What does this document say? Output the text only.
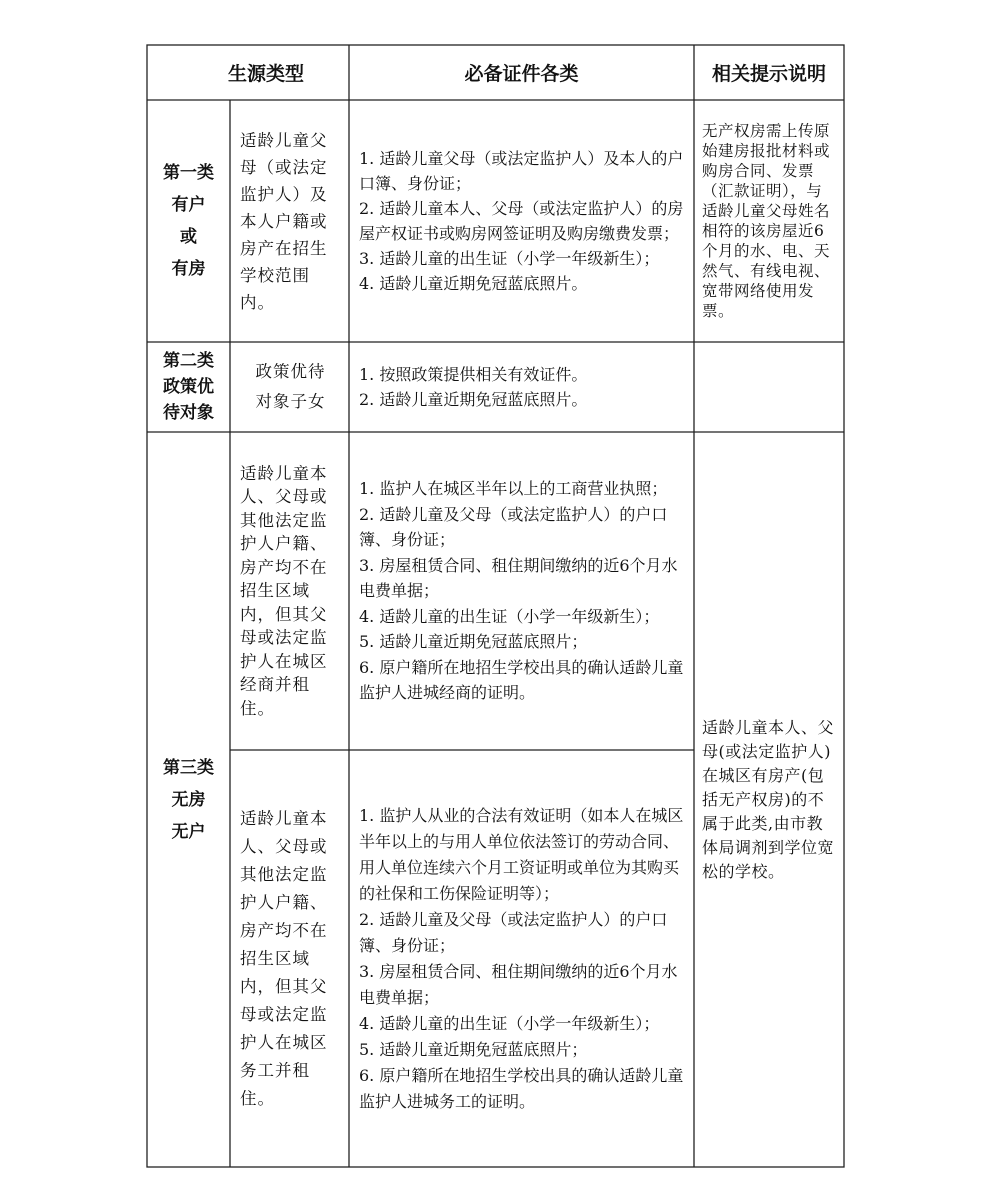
生源类型	必备证件各类	相关提示说明
第一类
有户
或
有房
适龄儿童父母（或法定监护人）及本人户籍或房产在招生学校范围内。
1. 适龄儿童父母（或法定监护人）及本人的户口簿、身份证；
2. 适龄儿童本人、父母（或法定监护人）的房屋产权证书或购房网签证明及购房缴费发票；
3. 适龄儿童的出生证（小学一年级新生）；
4. 适龄儿童近期免冠蓝底照片。
无产权房需上传原始建房报批材料或购房合同、发票（汇款证明），与适龄儿童父母姓名相符的该房屋近6个月的水、电、天然气、有线电视、宽带网络使用发票。
第二类
政策优
待对象
政策优待
对象子女
1. 按照政策提供相关有效证件。
2. 适龄儿童近期免冠蓝底照片。
第三类
无房
无户
适龄儿童本人、父母或其他法定监护人户籍、房产均不在招生区域内，但其父母或法定监护人在城区经商并租住。
1. 监护人在城区半年以上的工商营业执照；
2. 适龄儿童及父母（或法定监护人）的户口簿、身份证；
3. 房屋租赁合同、租住期间缴纳的近6个月水电费单据；
4. 适龄儿童的出生证（小学一年级新生）；
5. 适龄儿童近期免冠蓝底照片；
6. 原户籍所在地招生学校出具的确认适龄儿童监护人进城经商的证明。
适龄儿童本人、父母或其他法定监护人户籍、房产均不在招生区域内，但其父母或法定监护人在城区务工并租住。
1. 监护人从业的合法有效证明（如本人在城区半年以上的与用人单位依法签订的劳动合同、用人单位连续六个月工资证明或单位为其购买的社保和工伤保险证明等）；
2. 适龄儿童及父母（或法定监护人）的户口簿、身份证；
3. 房屋租赁合同、租住期间缴纳的近6个月水电费单据；
4. 适龄儿童的出生证（小学一年级新生）；
5. 适龄儿童近期免冠蓝底照片；
6. 原户籍所在地招生学校出具的确认适龄儿童监护人进城务工的证明。
适龄儿童本人、父母(或法定监护人)在城区有房产(包括无产权房)的不属于此类,由市教体局调剂到学位宽松的学校。
